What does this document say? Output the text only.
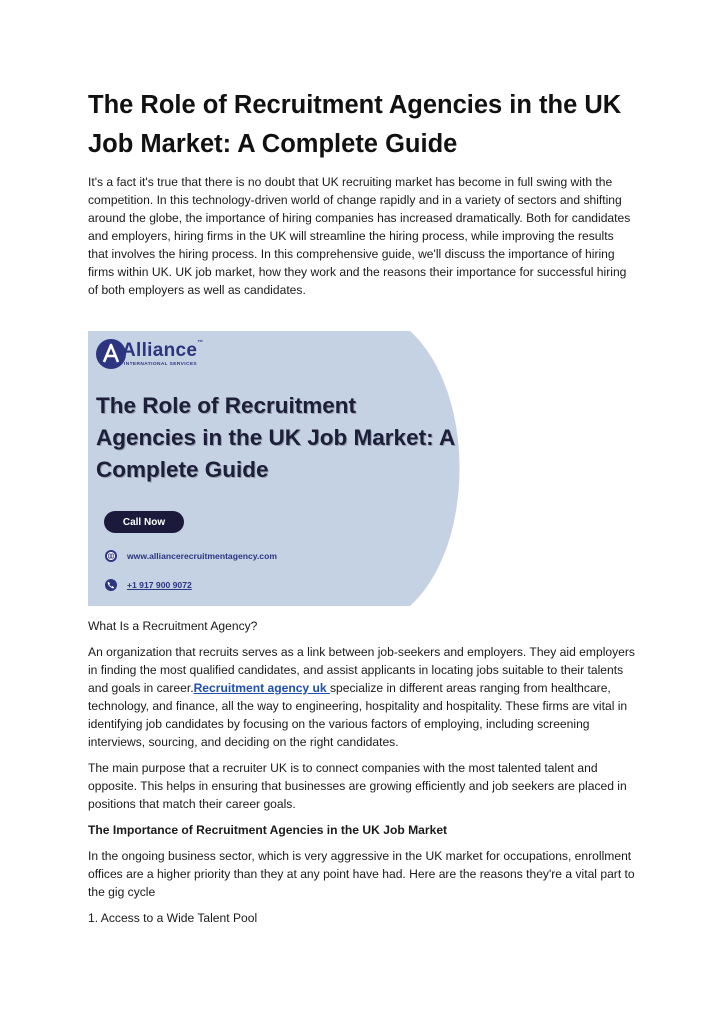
The Role of Recruitment Agencies in the UK Job Market: A Complete Guide

It's a fact it's true that there is no doubt that UK recruiting market has become in full swing with the competition. In this technology-driven world of change rapidly and in a variety of sectors and shifting around the globe, the importance of hiring companies has increased dramatically. Both for candidates and employers, hiring firms in the UK will streamline the hiring process, while improving the results that involves the hiring process. In this comprehensive guide, we'll discuss the importance of hiring firms within UK. UK job market, how they work and the reasons their importance for successful hiring of both employers as well as candidates.

Alliance™
INTERNATIONAL SERVICES
The Role of Recruitment Agencies in the UK Job Market: A Complete Guide
Call Now
www.alliancerecruitmentagency.com
+1 917 900 9072

What Is a Recruitment Agency?

An organization that recruits serves as a link between job-seekers and employers. They aid employers in finding the most qualified candidates, and assist applicants in locating jobs suitable to their talents and goals in career.Recruitment agency uk specialize in different areas ranging from healthcare, technology, and finance, all the way to engineering, hospitality and hospitality. These firms are vital in identifying job candidates by focusing on the various factors of employing, including screening interviews, sourcing, and deciding on the right candidates.

The main purpose that a recruiter UK is to connect companies with the most talented talent and opposite. This helps in ensuring that businesses are growing efficiently and job seekers are placed in positions that match their career goals.

The Importance of Recruitment Agencies in the UK Job Market

In the ongoing business sector, which is very aggressive in the UK market for occupations, enrollment offices are a higher priority than they at any point have had. Here are the reasons they're a vital part to the gig cycle

1. Access to a Wide Talent Pool
